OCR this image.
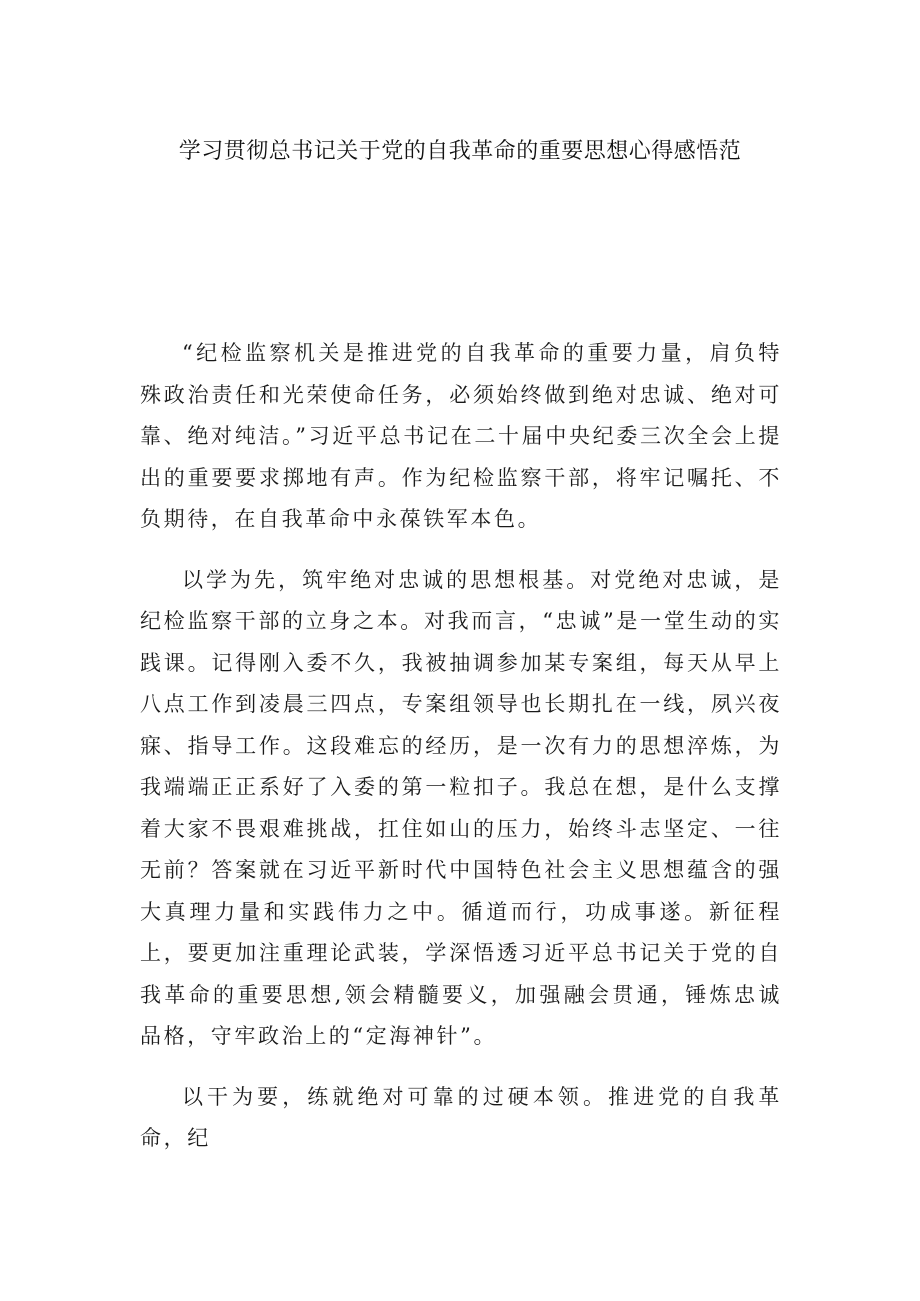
学习贯彻总书记关于党的自我革命的重要思想心得感悟范

“纪检监察机关是推进党的自我革命的重要力量，肩负特殊政治责任和光荣使命任务，必须始终做到绝对忠诚、绝对可靠、绝对纯洁。”习近平总书记在二十届中央纪委三次全会上提出的重要要求掷地有声。作为纪检监察干部，将牢记嘱托、不负期待，在自我革命中永葆铁军本色。

以学为先，筑牢绝对忠诚的思想根基。对党绝对忠诚，是纪检监察干部的立身之本。对我而言，“忠诚”是一堂生动的实践课。记得刚入委不久，我被抽调参加某专案组，每天从早上八点工作到凌晨三四点，专案组领导也长期扎在一线，夙兴夜寐、指导工作。这段难忘的经历，是一次有力的思想淬炼，为我端端正正系好了入委的第一粒扣子。我总在想，是什么支撑着大家不畏艰难挑战，扛住如山的压力，始终斗志坚定、一往无前？答案就在习近平新时代中国特色社会主义思想蕴含的强大真理力量和实践伟力之中。循道而行，功成事遂。新征程上，要更加注重理论武装，学深悟透习近平总书记关于党的自我革命的重要思想,领会精髓要义，加强融会贯通，锤炼忠诚品格，守牢政治上的“定海神针”。

以干为要，练就绝对可靠的过硬本领。推进党的自我革命，纪
